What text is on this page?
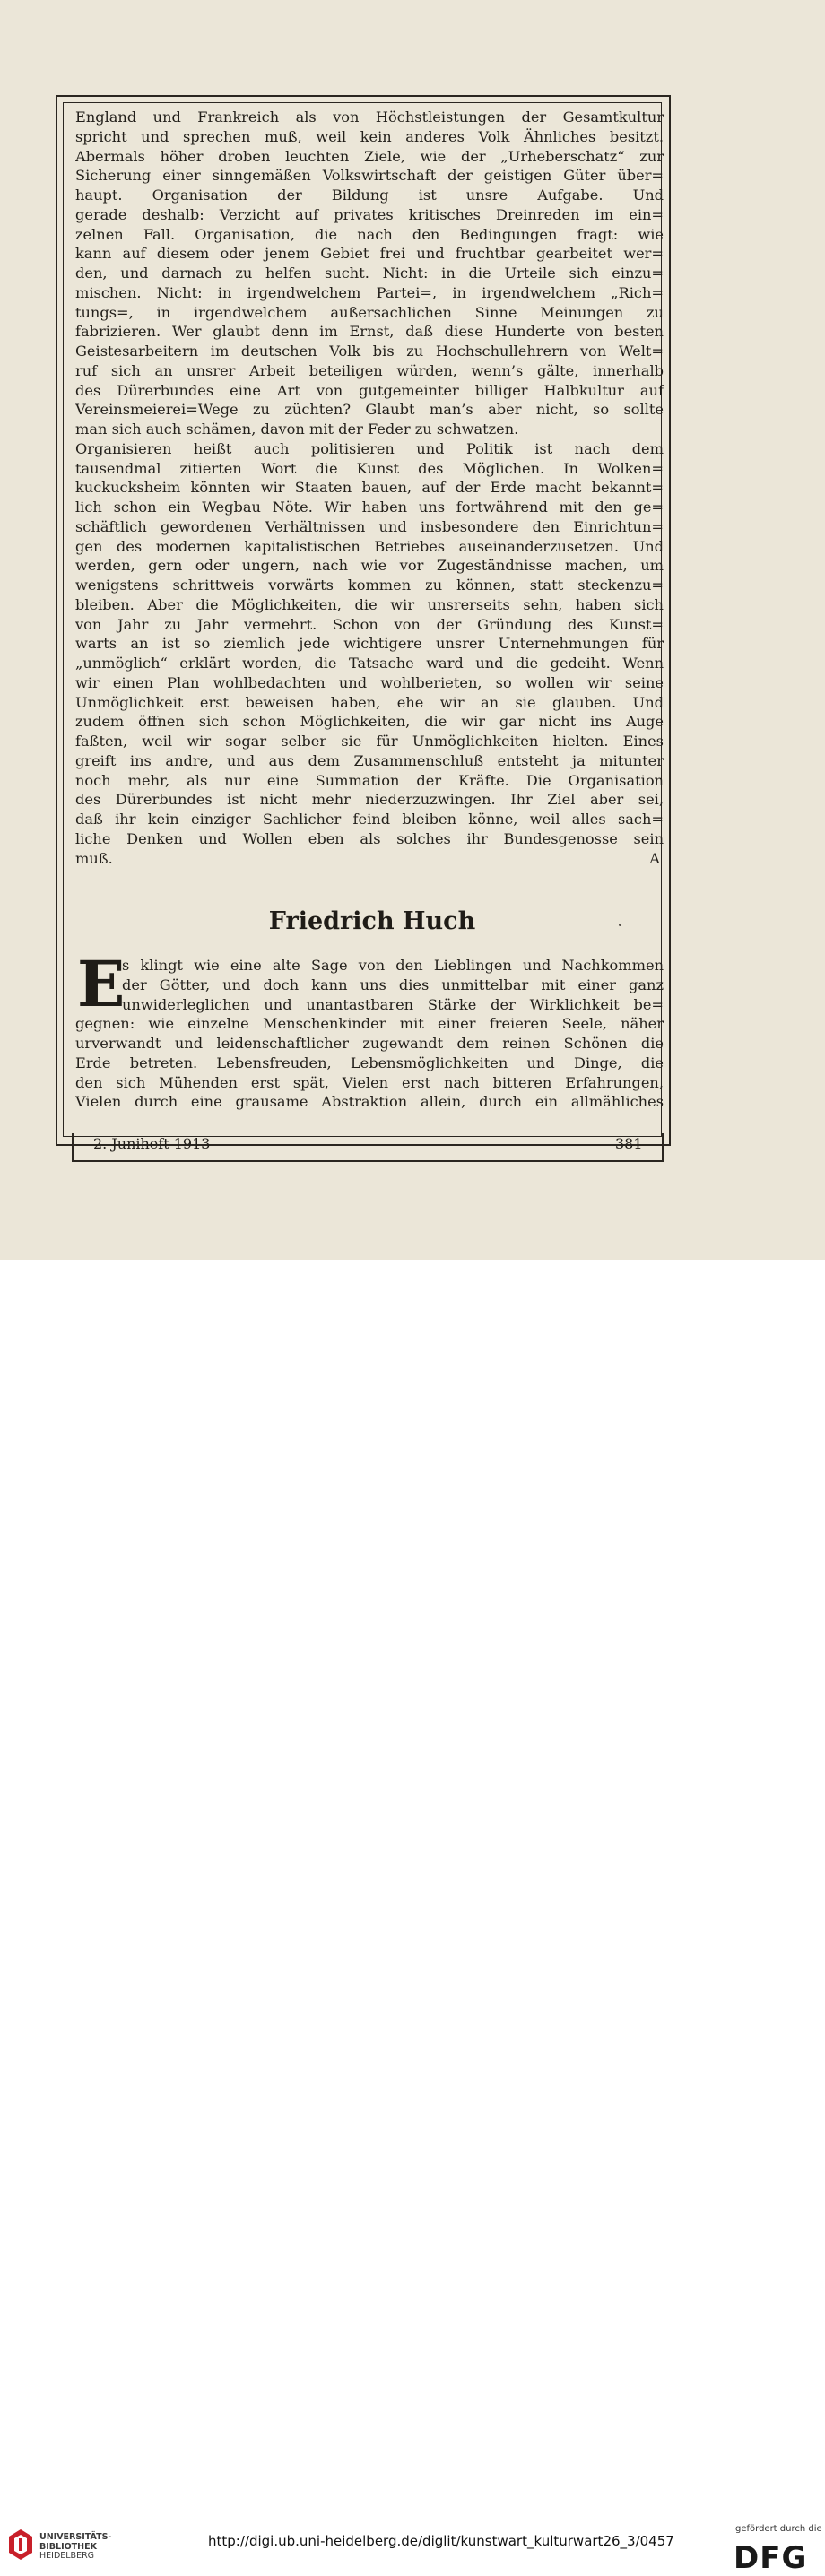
England und Frankreich als von Höchstleistungen der Gesamtkultur
spricht und sprechen muß, weil kein anderes Volk Ähnliches besitzt.
Abermals höher droben leuchten Ziele, wie der „Urheberschatz“ zur
Sicherung einer sinngemäßen Volkswirtschaft der geistigen Güter über=
haupt. Organisation der Bildung ist unsre Aufgabe. Und
gerade deshalb: Verzicht auf privates kritisches Dreinreden im ein=
zelnen Fall. Organisation, die nach den Bedingungen fragt: wie
kann auf diesem oder jenem Gebiet frei und fruchtbar gearbeitet wer=
den, und darnach zu helfen sucht. Nicht: in die Urteile sich einzu=
mischen. Nicht: in irgendwelchem Partei=, in irgendwelchem „Rich=
tungs=, in irgendwelchem außersachlichen Sinne Meinungen zu
fabrizieren. Wer glaubt denn im Ernst, daß diese Hunderte von besten
Geistesarbeitern im deutschen Volk bis zu Hochschullehrern von Welt=
ruf sich an unsrer Arbeit beteiligen würden, wenn’s gälte, innerhalb
des Dürerbundes eine Art von gutgemeinter billiger Halbkultur auf
Vereinsmeierei=Wege zu züchten? Glaubt man’s aber nicht, so sollte
man sich auch schämen, davon mit der Feder zu schwatzen.
Organisieren heißt auch politisieren und Politik ist nach dem
tausendmal zitierten Wort die Kunst des Möglichen. In Wolken=
kuckucksheim könnten wir Staaten bauen, auf der Erde macht bekannt=
lich schon ein Wegbau Nöte. Wir haben uns fortwährend mit den ge=
schäftlich gewordenen Verhältnissen und insbesondere den Einrichtun=
gen des modernen kapitalistischen Betriebes auseinanderzusetzen. Und
werden, gern oder ungern, nach wie vor Zugeständnisse machen, um
wenigstens schrittweis vorwärts kommen zu können, statt steckenzu=
bleiben. Aber die Möglichkeiten, die wir unsrerseits sehn, haben sich
von Jahr zu Jahr vermehrt. Schon von der Gründung des Kunst=
warts an ist so ziemlich jede wichtigere unsrer Unternehmungen für
„unmöglich“ erklärt worden, die Tatsache ward und die gedeiht. Wenn
wir einen Plan wohlbedachten und wohlberieten, so wollen wir seine
Unmöglichkeit erst beweisen haben, ehe wir an sie glauben. Und
zudem öffnen sich schon Möglichkeiten, die wir gar nicht ins Auge
faßten, weil wir sogar selber sie für Unmöglichkeiten hielten. Eines
greift ins andre, und aus dem Zusammenschluß entsteht ja mitunter
noch mehr, als nur eine Summation der Kräfte. Die Organisation
des Dürerbundes ist nicht mehr niederzuzwingen. Ihr Ziel aber sei,
daß ihr kein einziger Sachlicher feind bleiben könne, weil alles sach=
liche Denken und Wollen eben als solches ihr Bundesgenosse sein
muß.	A
Friedrich Huch
E
s klingt wie eine alte Sage von den Lieblingen und Nachkommen
der Götter, und doch kann uns dies unmittelbar mit einer ganz
unwiderleglichen und unantastbaren Stärke der Wirklichkeit be=
gegnen: wie einzelne Menschenkinder mit einer freieren Seele, näher
urverwandt und leidenschaftlicher zugewandt dem reinen Schönen die
Erde betreten. Lebensfreuden, Lebensmöglichkeiten und Dinge, die
den sich Mühenden erst spät, Vielen erst nach bitteren Erfahrungen,
Vielen durch eine grausame Abstraktion allein, durch ein allmähliches
2. Juniheft 1913	381
UNIVERSITÄTS-
BIBLIOTHEK
HEIDELBERG
http://digi.ub.uni-heidelberg.de/diglit/kunstwart_kulturwart26_3/0457
gefördert durch die
DFG
